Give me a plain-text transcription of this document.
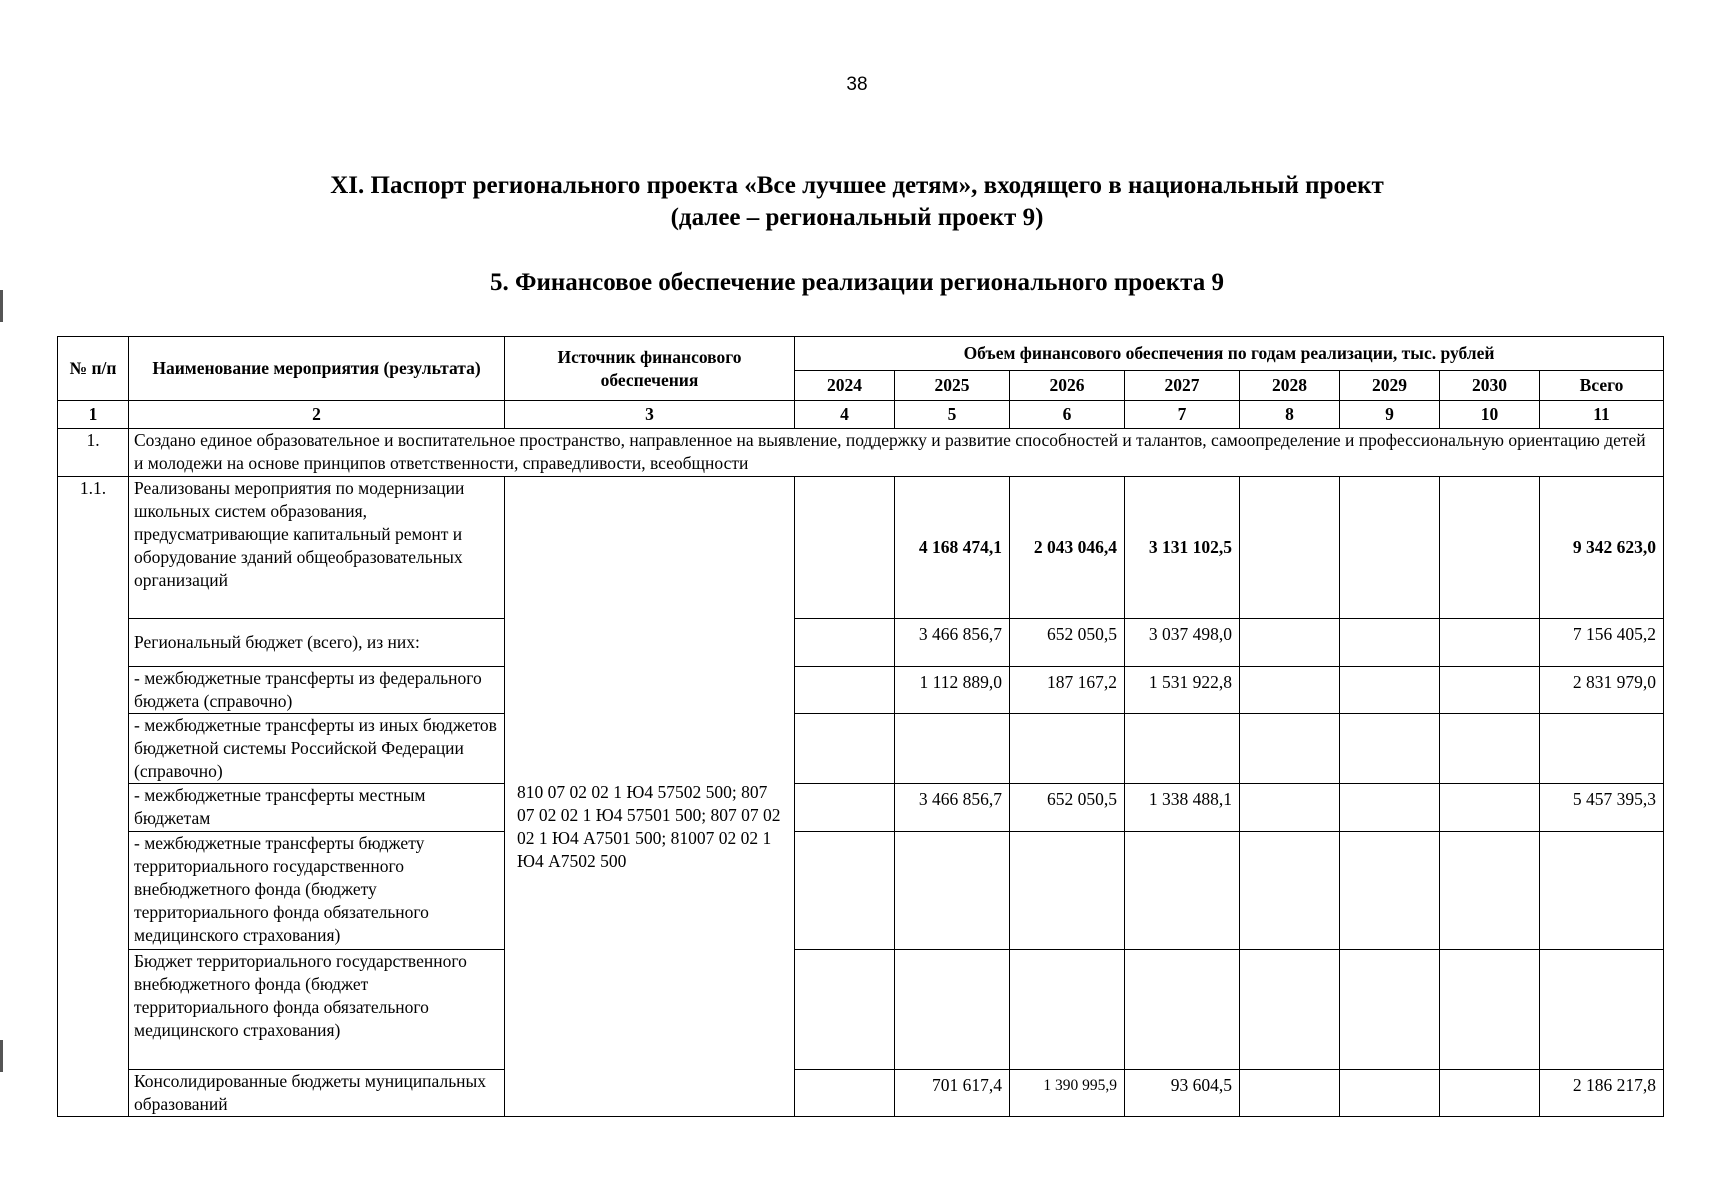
38
XI. Паспорт регионального проекта «Все лучшее детям», входящего в национальный проект
(далее – региональный проект 9)
5. Финансовое обеспечение реализации регионального проекта 9
№ п/п	Наименование мероприятия (результата)	Источник финансового обеспечения	Объем финансового обеспечения по годам реализации, тыс. рублей							
			2024	2025	2026	2027	2028	2029	2030	Всего
1	2	3	4	5	6	7	8	9	10	11
1.	Создано единое образовательное и воспитательное пространство, направленное на выявление, поддержку и развитие способностей и талантов, самоопределение и профессиональную ориентацию детей и молодежи на основе принципов ответственности, справедливости, всеобщности									
1.1.	Реализованы мероприятия по модернизации школьных систем образования, предусматривающие капитальный ремонт и оборудование зданий общеобразовательных организаций	810 07 02 02 1 Ю4 57502 500; 807 07 02 02 1 Ю4 57501 500; 807 07 02 02 1 Ю4 А7501 500; 81007 02 02 1 Ю4 А7502 500		4 168 474,1	2 043 046,4	3 131 102,5				9 342 623,0
	Региональный бюджет (всего), из них:			3 466 856,7	652 050,5	3 037 498,0				7 156 405,2
	- межбюджетные трансферты из федерального бюджета (справочно)			1 112 889,0	187 167,2	1 531 922,8				2 831 979,0
	- межбюджетные трансферты из иных бюджетов бюджетной системы Российской Федерации (справочно)									
	- межбюджетные трансферты местным бюджетам			3 466 856,7	652 050,5	1 338 488,1				5 457 395,3
	- межбюджетные трансферты бюджету территориального государственного внебюджетного фонда (бюджету территориального фонда обязательного медицинского страхования)									
	Бюджет территориального государственного внебюджетного фонда (бюджет территориального фонда обязательного медицинского страхования)									
	Консолидированные бюджеты муниципальных образований			701 617,4	1 390 995,9	93 604,5				2 186 217,8
